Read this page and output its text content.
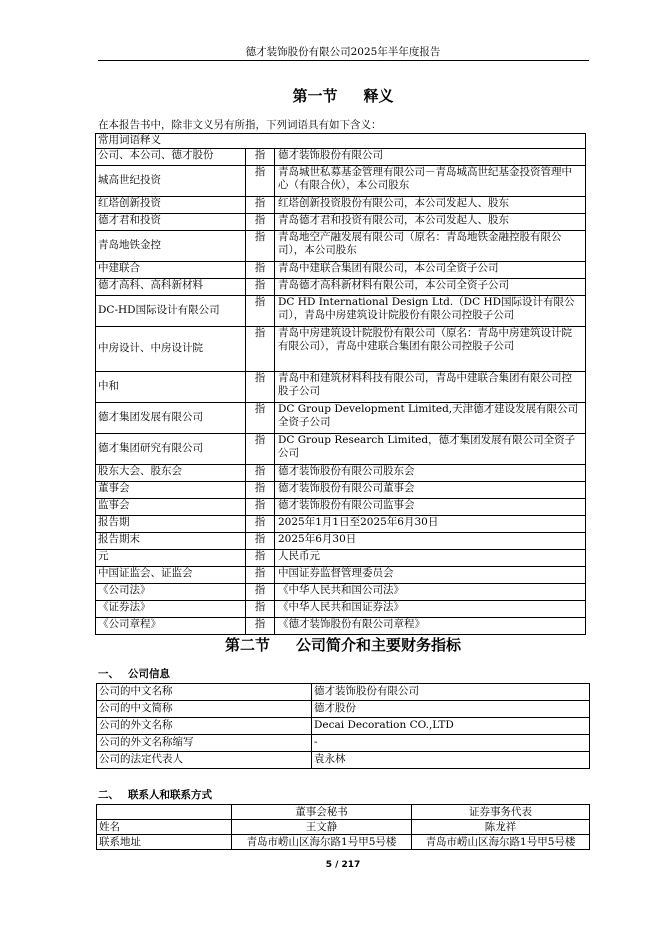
德才装饰股份有限公司2025年半年度报告
第一节 释义
在本报告书中，除非文义另有所指，下列词语具有如下含义：
常用词语释义		
公司、本公司、德才股份	指	德才装饰股份有限公司
城高世纪投资	指	青岛城世私募基金管理有限公司－青岛城高世纪基金投资管理中心（有限合伙），本公司股东
红塔创新投资	指	红塔创新投资股份有限公司，本公司发起人、股东
德才君和投资	指	青岛德才君和投资有限公司，本公司发起人、股东
青岛地铁金控	指	青岛地空产融发展有限公司（原名：青岛地铁金融控股有限公司），本公司股东
中建联合	指	青岛中建联合集团有限公司，本公司全资子公司
德才高科、高科新材料	指	青岛德才高科新材料有限公司，本公司全资子公司
DC-HD国际设计有限公司	指	DC HD International Design Ltd.（DC HD国际设计有限公司），青岛中房建筑设计院股份有限公司控股子公司
中房设计、中房设计院	指	青岛中房建筑设计院股份有限公司（原名：青岛中房建筑设计院有限公司），青岛中建联合集团有限公司控股子公司
中和	指	青岛中和建筑材料科技有限公司，青岛中建联合集团有限公司控股子公司
德才集团发展有限公司	指	DC Group Development Limited,天津德才建设发展有限公司全资子公司
德才集团研究有限公司	指	DC Group Research Limited，德才集团发展有限公司全资子公司
股东大会、股东会	指	德才装饰股份有限公司股东会
董事会	指	德才装饰股份有限公司董事会
监事会	指	德才装饰股份有限公司监事会
报告期	指	2025年1月1日至2025年6月30日
报告期末	指	2025年6月30日
元	指	人民币元
中国证监会、证监会	指	中国证券监督管理委员会
《公司法》	指	《中华人民共和国公司法》
《证券法》	指	《中华人民共和国证券法》
《公司章程》	指	《德才装饰股份有限公司章程》
第二节 公司简介和主要财务指标
一、 公司信息
公司的中文名称	德才装饰股份有限公司
公司的中文简称	德才股份
公司的外文名称	Decai Decoration CO.,LTD
公司的外文名称缩写	-
公司的法定代表人	袁永林
二、 联系人和联系方式
	董事会秘书	证券事务代表
姓名	王文静	陈龙祥
联系地址	青岛市崂山区海尔路1号甲5号楼	青岛市崂山区海尔路1号甲5号楼
5 / 217
